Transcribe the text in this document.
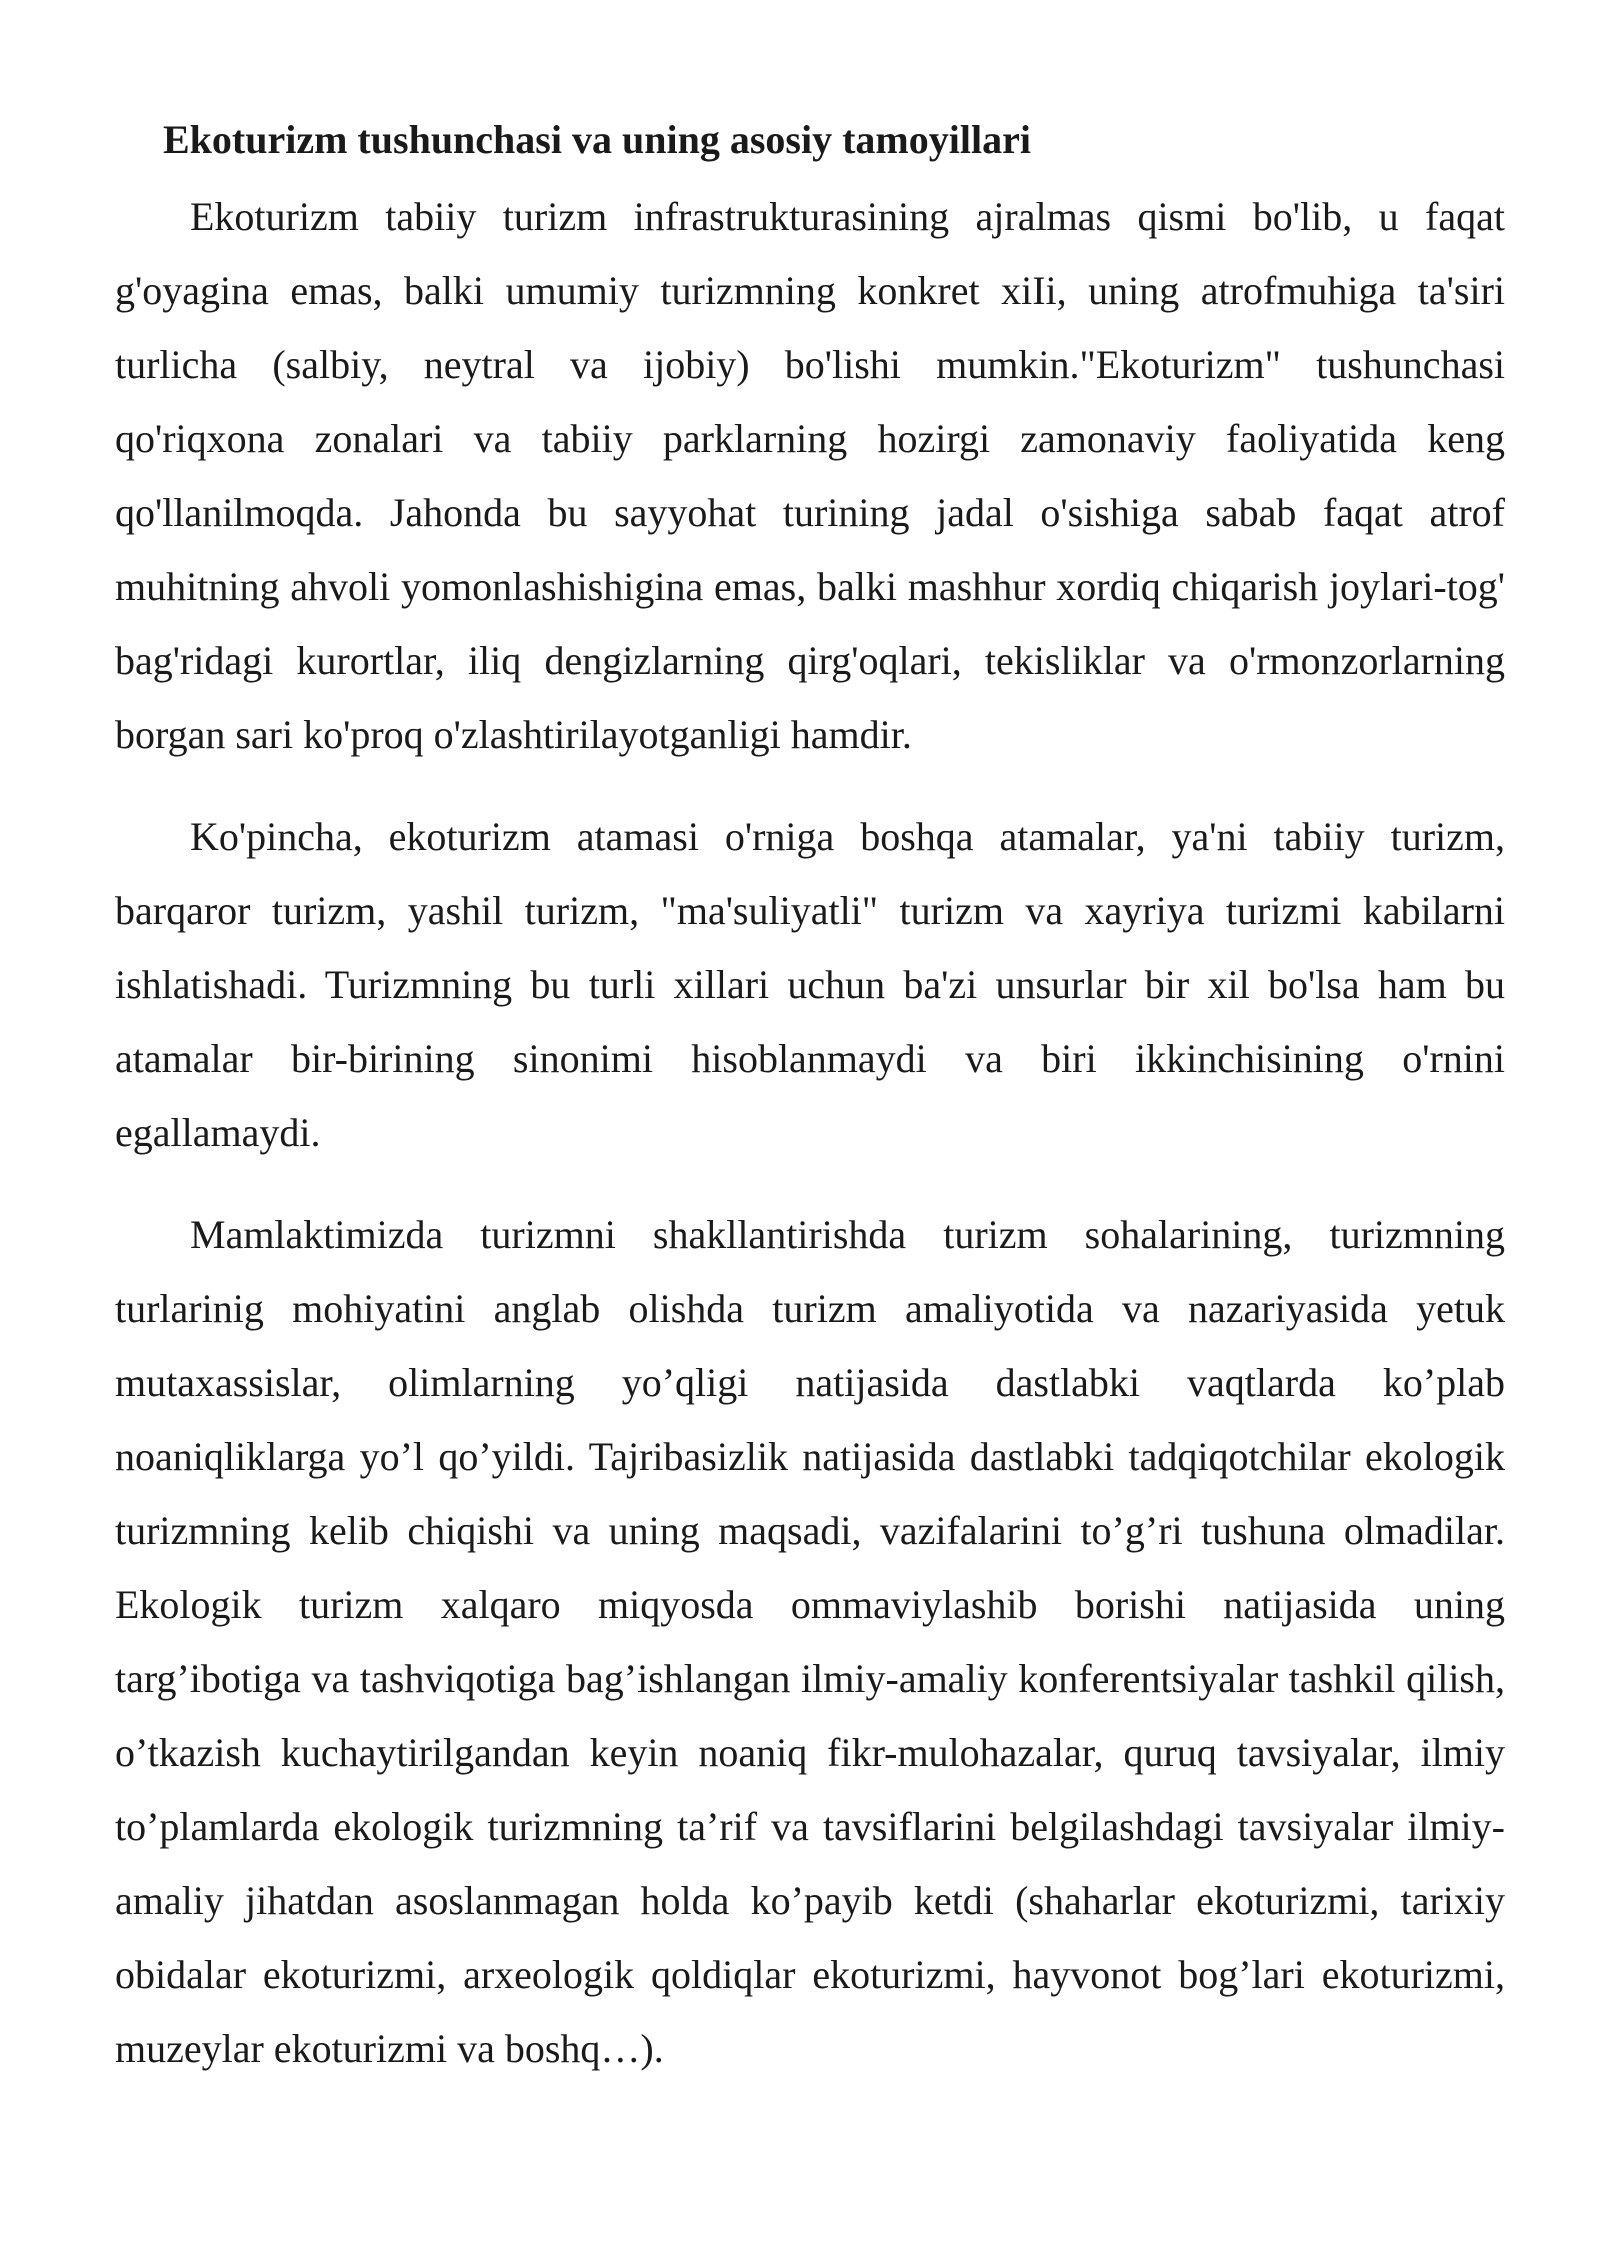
Ekoturizm tushunchasi va uning asosiy tamoyillari

Ekoturizm tabiiy turizm infrastrukturasining ajralmas qismi bo'lib, u faqat g'oyagina emas, balki umumiy turizmning konkret xiIi, uning atrofmuhiga ta'siri turlicha (salbiy, neytral va ijobiy) bo'lishi mumkin."Ekoturizm" tushunchasi qo'riqxona zonalari va tabiiy parklarning hozirgi zamonaviy faoliyatida keng qo'llanilmoqda. Jahonda bu sayyohat turining jadal o'sishiga sabab faqat atrof muhitning ahvoli yomonlashishigina emas, balki mashhur xordiq chiqarish joylari-tog' bag'ridagi kurortlar, iliq dengizlarning qirg'oqlari, tekisliklar va o'rmonzorlarning borgan sari ko'proq o'zlashtirilayotganligi hamdir.

Ko'pincha, ekoturizm atamasi o'rniga boshqa atamalar, ya'ni tabiiy turizm, barqaror turizm, yashil turizm, "ma'suliyatli" turizm va xayriya turizmi kabilarni ishlatishadi. Turizmning bu turli xillari uchun ba'zi unsurlar bir xil bo'lsa ham bu atamalar bir-birining sinonimi hisoblanmaydi va biri ikkinchisining o'rnini egallamaydi.

Mamlaktimizda turizmni shakllantirishda turizm sohalarining, turizmning turlarinig mohiyatini anglab olishda turizm amaliyotida va nazariyasida yetuk mutaxassislar, olimlarning yo’qligi natijasida dastlabki vaqtlarda ko’plab noaniqliklarga yo’l qo’yildi. Tajribasizlik natijasida dastlabki tadqiqotchilar ekologik turizmning kelib chiqishi va uning maqsadi, vazifalarini to’g’ri tushuna olmadilar. Ekologik turizm xalqaro miqyosda ommaviylashib borishi natijasida uning targ’ibotiga va tashviqotiga bag’ishlangan ilmiy-amaliy konferentsiyalar tashkil qilish, o’tkazish kuchaytirilgandan keyin noaniq fikr-mulohazalar, quruq tavsiyalar, ilmiy to’plamlarda ekologik turizmning ta’rif va tavsiflarini belgilashdagi tavsiyalar ilmiy-amaliy jihatdan asoslanmagan holda ko’payib ketdi (shaharlar ekoturizmi, tarixiy obidalar ekoturizmi, arxeologik qoldiqlar ekoturizmi, hayvonot bog’lari ekoturizmi, muzeylar ekoturizmi va boshq…).
